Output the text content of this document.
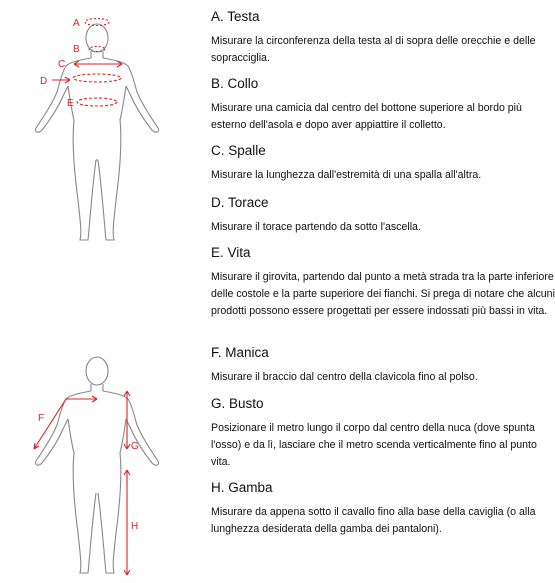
A
B
C
D
E
F
G
H
A. Testa

Misurare la circonferenza della testa al di sopra delle orecchie e delle sopracciglia.

B. Collo

Misurare una camicia dal centro del bottone superiore al bordo più esterno dell'asola e dopo aver appiattire il colletto.

C. Spalle

Misurare la lunghezza dall'estremità di una spalla all'altra.

D. Torace

Misurare il torace partendo da sotto l'ascella.

E. Vita

Misurare il girovita, partendo dal punto a metà strada tra la parte inferiore delle costole e la parte superiore dei fianchi. Si prega di notare che alcuni prodotti possono essere progettati per essere indossati più bassi in vita.

F. Manica

Misurare il braccio dal centro della clavicola fino al polso.

G. Busto

Posizionare il metro lungo il corpo dal centro della nuca (dove spunta l'osso) e da lì, lasciare che il metro scenda verticalmente fino al punto vita.

H. Gamba

Misurare da appena sotto il cavallo fino alla base della caviglia (o alla lunghezza desiderata della gamba dei pantaloni).
